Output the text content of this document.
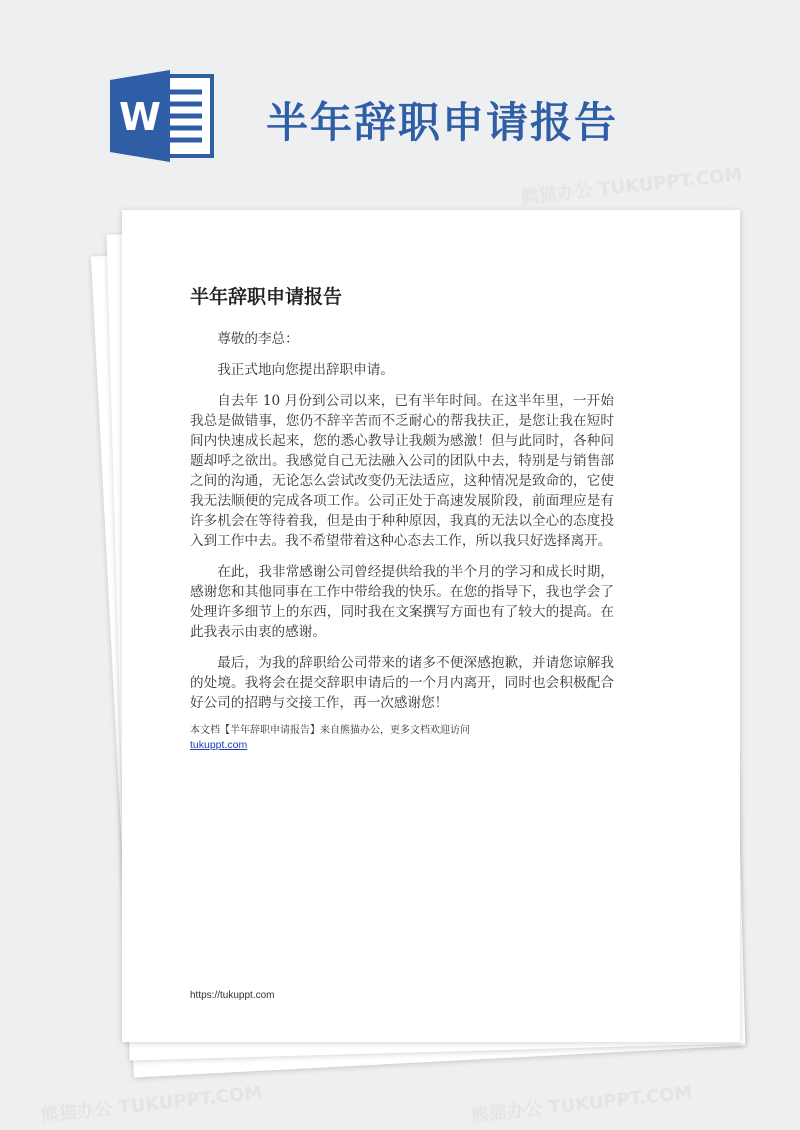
W	半年辞职申请报告
熊猫办公 TUKUPPT.COM
熊猫办公 TUKUPPT.COM	熊猫办公 TUKUPPT.COM
半年辞职申请报告

尊敬的李总：

我正式地向您提出辞职申请。

自去年 10 月份到公司以来，已有半年时间。在这半年里，一开始我总是做错事，您仍不辞辛苦而不乏耐心的帮我扶正，是您让我在短时间内快速成长起来，您的悉心教导让我颇为感激！但与此同时，各种问题却呼之欲出。我感觉自己无法融入公司的团队中去，特别是与销售部之间的沟通，无论怎么尝试改变仍无法适应，这种情况是致命的，它使我无法顺便的完成各项工作。公司正处于高速发展阶段，前面理应是有许多机会在等待着我，但是由于种种原因，我真的无法以全心的态度投入到工作中去。我不希望带着这种心态去工作，所以我只好选择离开。

在此，我非常感谢公司曾经提供给我的半个月的学习和成长时期，感谢您和其他同事在工作中带给我的快乐。在您的指导下，我也学会了处理许多细节上的东西，同时我在文案撰写方面也有了较大的提高。在此我表示由衷的感谢。

最后，为我的辞职给公司带来的诸多不便深感抱歉，并请您谅解我的处境。我将会在提交辞职申请后的一个月内离开，同时也会积极配合好公司的招聘与交接工作，再一次感谢您！

本文档【半年辞职申请报告】来自熊猫办公，更多文档欢迎访问
tukuppt.com
https://tukuppt.com
